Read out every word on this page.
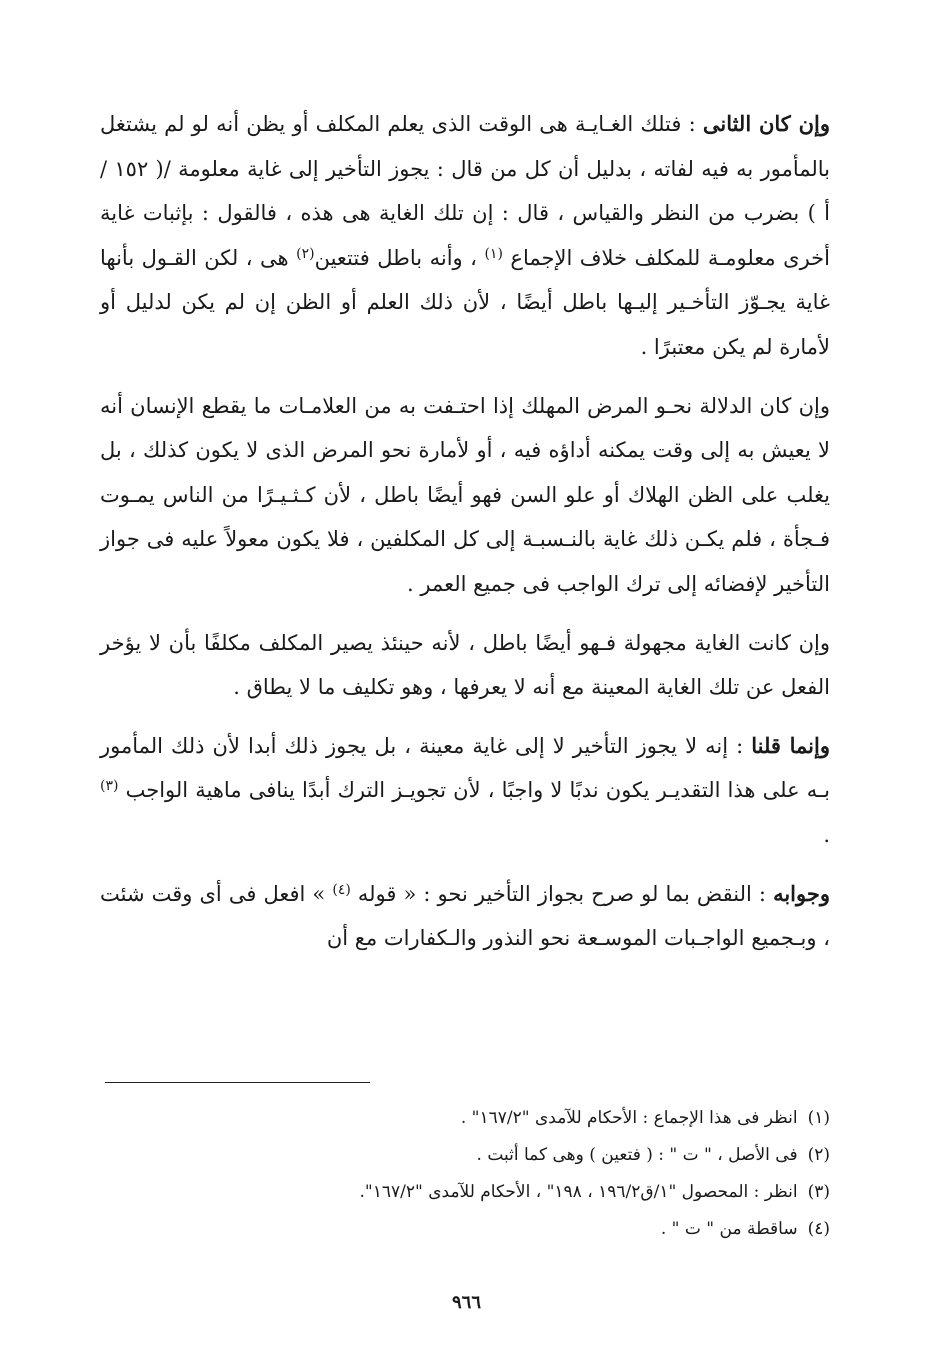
وإن كان الثانى : فتلك الغـايـة هى الوقت الذى يعلم المكلف أو يظن أنه لو لم يشتغل بالمأمور به فيه لفاته ، بدليل أن كل من قال : يجوز التأخير إلى غاية معلومة /( ١٥٢ / أ ) بضرب من النظر والقياس ، قال : إن تلك الغاية هى هذه ، فالقول : بإثبات غاية أخرى معلومـة للمكلف خلاف الإجماع $^{(١)}$ ، وأنه باطل فتتعين$^{(٢)}$ هى ، لكن القـول بأنها غاية يجـوّز التأخـير إليـها باطل أيضًا ، لأن ذلك العلم أو الظن إن لم يكن لدليل أو لأمارة لم يكن معتبرًا .

وإن كان الدلالة نحـو المرض المهلك إذا احتـفت به من العلامـات ما يقطع الإنسان أنه لا يعيش به إلى وقت يمكنه أداؤه فيه ، أو لأمارة نحو المرض الذى لا يكون كذلك ، بل يغلب على الظن الهلاك أو علو السن فهو أيضًا باطل ، لأن كـثـيـرًا من الناس يمـوت فـجأة ، فلم يكـن ذلك غاية بالنـسبـة إلى كل المكلفين ، فلا يكون معولاً عليه فى جواز التأخير لإفضائه إلى ترك الواجب فى جميع العمر .

وإن كانت الغاية مجهولة فـهو أيضًا باطل ، لأنه حينئذ يصير المكلف مكلفًا بأن لا يؤخر الفعل عن تلك الغاية المعينة مع أنه لا يعرفها ، وهو تكليف ما لا يطاق .

وإنما قلنا : إنه لا يجوز التأخير لا إلى غاية معينة ، بل يجوز ذلك أبدا لأن ذلك المأمور بـه على هذا التقديـر يكون ندبًا لا واجبًا ، لأن تجويـز الترك أبدًا ينافى ماهية الواجب $^{(٣)}$ .

وجوابه : النقض بما لو صرح بجواز التأخير نحو : « قوله $^{(٤)}$ » افعل فى أى وقت شئت ، وبـجميع الواجـبات الموسـعة نحو النذور والـكفارات مع أن

(١)انظر فى هذا الإجماع : الأحكام للآمدى "١٦٧/٢" .

(٢)فى الأصل ، " ت " : ( فتعين ) وهى كما أثبت .

(٣)انظر : المحصول "١/ق١٩٦/٢ ، ١٩٨" ، الأحكام للآمدى "١٦٧/٢".

(٤)ساقطة من " ت " .

٩٦٦
